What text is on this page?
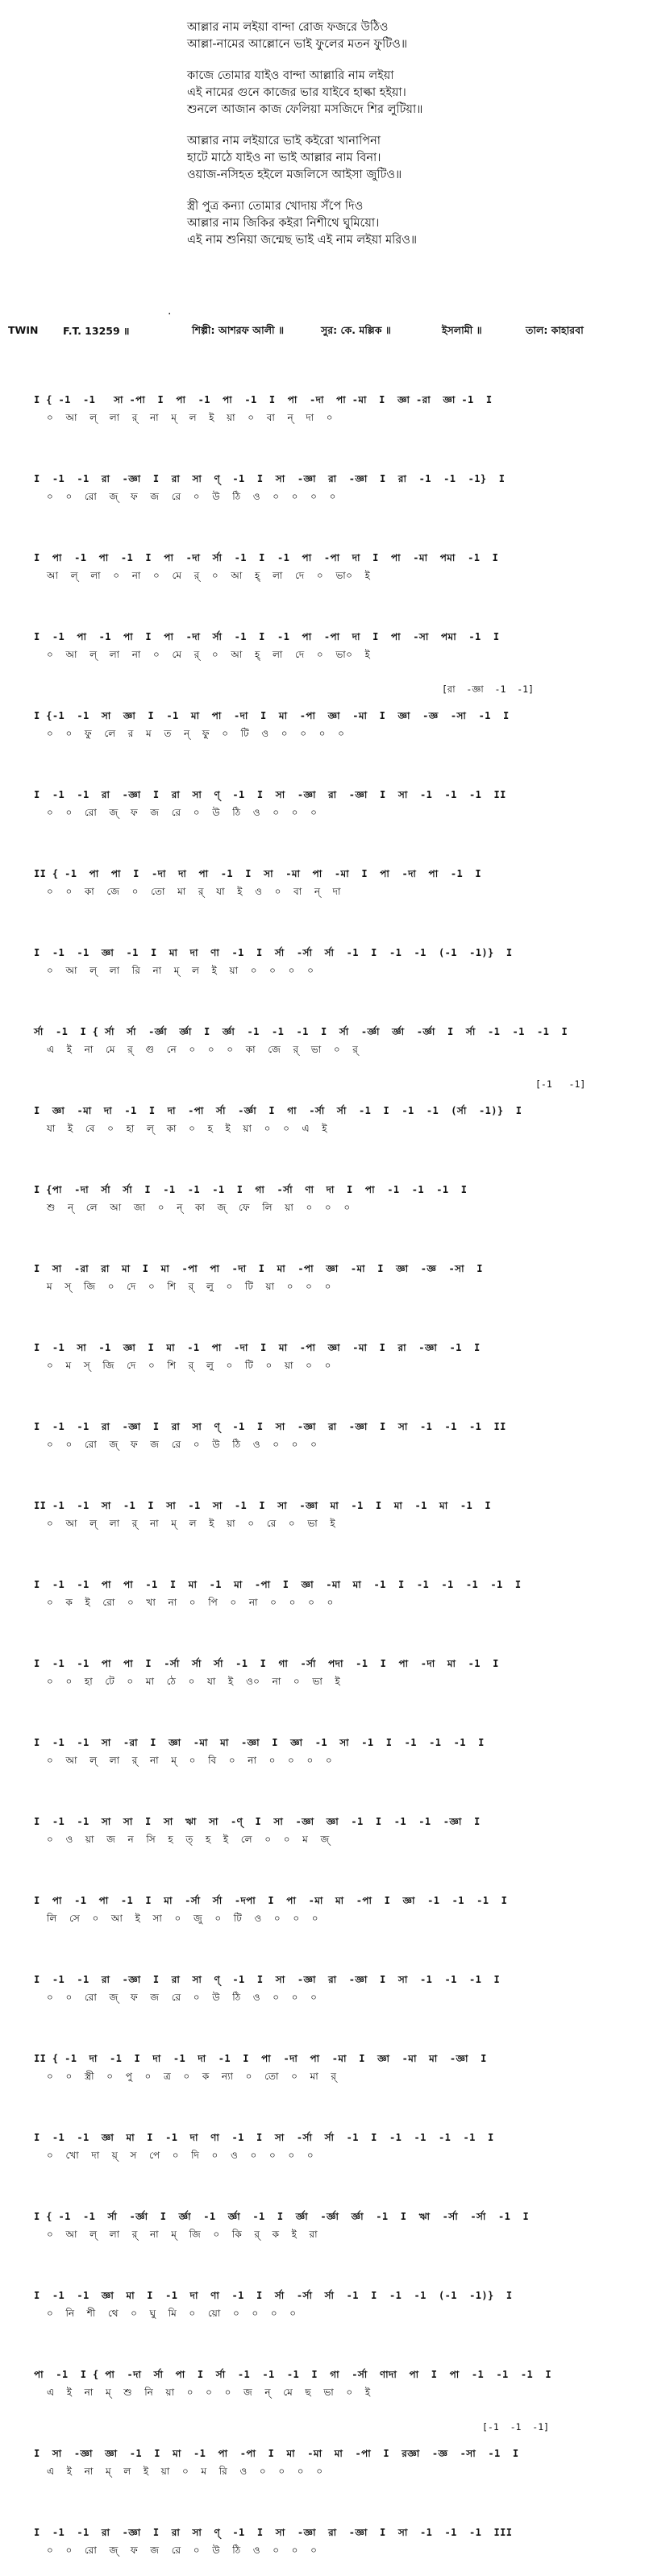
আল্লার নাম লইয়া বান্দা রোজ ফজরে উঠিও
আল্লা-নামের আল্লোনে ভাই ফুলের মতন ফুটিও॥
কাজে তোমার যাইও বান্দা আল্লারি নাম লইয়া
এই নামের গুনে কাজের ভার যাইবে হাল্কা হইয়া।
শুনলে আজান কাজ ফেলিয়া মসজিদে শির লুটিয়া॥
আল্লার নাম লইয়ারে ভাই কইরো খানাপিনা
হাটে মাঠে যাইও না ভাই আল্লার নাম বিনা।
ওয়াজ-নসিহত হইলে মজলিসে আইসা জুটিও॥
স্ত্রী পুত্র কন্যা তোমার খোদায় সঁপে দিও
আল্লার নাম জিকির কইরা নিশীথে ঘুমিয়ো।
এই নাম শুনিয়া জন্মেছ ভাই এই নাম লইয়া মরিও॥
·
TWIN F.T. 13259 ॥	শিল্পী: আশরফ আলী ॥	সুর: কে. মল্লিক ॥	ইসলামী ॥	তাল: কাহারবা
I { -1  -1   সা -পা  I  পা  -1  পা  -1  I  পা  -দা  পা -মা  I  জ্ঞা -রা  জ্ঞা -1  I
০  আ  ল্  লা  র্  না  ম্  ল  ই  য়া  ০  বা  ন্  দা  ০
I  -1  -1  রা  -জ্ঞা  I  রা  সা  ণ্  -1  I  সা  -জ্ঞা  রা  -জ্ঞা  I  রা  -1  -1  -1}  I
০  ০  রো  জ্  ফ  জ  রে  ০  উ  ঠি  ও  ০  ০  ০  ০
I  পা  -1  পা  -1  I  পা  -দা  র্সা  -1  I  -1  পা  -পা  দা  I  পা  -মা  পমা  -1  I
আ  ল্  লা  ০  না  ০  মে  র্  ০  আ  হ্  লা  দে  ০  ভা০  ই
I  -1  পা  -1  পা  I  পা  -দা  র্সা  -1  I  -1  পা  -পা  দা  I  পা  -সা  পমা  -1  I
০  আ  ল্  লা  না  ০  মে  র্  ০  আ  হ্  লা  দে  ০  ভা০  ই
[রা  -জ্ঞা  -1  -1]
I {-1  -1  সা  জ্ঞা  I  -1  মা  পা  -দা  I  মা  -পা  জ্ঞা  -মা  I  জ্ঞা  -জ্ঞ  -সা  -1  I
০  ০  ফু  লে  র  ম  ত  ন্  ফু  ০  টি  ও  ০  ০  ০  ০
I  -1  -1  রা  -জ্ঞা  I  রা  সা  ণ্  -1  I  সা  -জ্ঞা  রা  -জ্ঞা  I  সা  -1  -1  -1  II
০  ০  রো  জ্  ফ  জ  রে  ০  উ  ঠি  ও  ০  ০  ০
II { -1  পা  পা  I  -দা  দা  পা  -1  I  সা  -মা  পা  -মা  I  পা  -দা  পা  -1  I
০  ০  কা  জে  ০  তো  মা  র্  যা  ই  ও  ০  বা  ন্  দা
I  -1  -1  জ্ঞা  -1  I  মা  দা  ণা  -1  I  র্সা  -র্সা  র্সা  -1  I  -1  -1  (-1  -1)}  I
০  আ  ল্  লা  রি  না  ম্  ল  ই  য়া  ০  ০  ০  ০
র্সা  -1  I { র্সা  র্সা  -র্জ্ঞা  র্জ্ঞা  I  র্জ্ঞা  -1  -1  -1  I  র্সা  -র্জ্ঞা  র্জ্ঞা  -র্জ্ঞা  I  র্সা  -1  -1  -1  I
এ  ই  না  মে  র্  গু  নে  ০  ০  ০  কা  জে  র্  ভা  ০  র্
[-1   -1]
I  জ্ঞা  -মা  দা  -1  I  দা  -পা  র্সা  -র্জ্ঞা  I  গা  -র্সা  র্সা  -1  I  -1  -1  (র্সা  -1)}  I
যা  ই  বে  ০  হা  ল্  কা  ০  হ  ই  য়া  ০  ০  এ  ই
I {পা  -দা  র্সা  র্সা  I  -1  -1  -1  I  গা  -র্সা  ণা  দা  I  পা  -1  -1  -1  I
শু  ন্  লে  আ  জা  ০  ন্  কা  জ্  ফে  লি  য়া  ০  ০  ০
I  সা  -রা  রা  মা  I  মা  -পা  পা  -দা  I  মা  -পা  জ্ঞা  -মা  I  জ্ঞা  -জ্ঞ  -সা  I
ম  স্  জি  ০  দে  ০  শি  র্  লু  ০  টি  য়া  ০  ০  ০
I  -1  সা  -1  জ্ঞা  I  মা  -1  পা  -দা  I  মা  -পা  জ্ঞা  -মা  I  রা  -জ্ঞা  -1  I
০  ম  স্  জি  দে  ০  শি  র্  লু  ০  টি  ০  য়া  ০  ০
I  -1  -1  রা  -জ্ঞা  I  রা  সা  ণ্  -1  I  সা  -জ্ঞা  রা  -জ্ঞা  I  সা  -1  -1  -1  II
০  ০  রো  জ্  ফ  জ  রে  ০  উ  ঠি  ও  ০  ০  ০
II -1  -1  সা  -1  I  সা  -1  সা  -1  I  সা  -জ্ঞা  মা  -1  I  মা  -1  মা  -1  I
০  আ  ল্  লা  র্  না  ম্  ল  ই  য়া  ০  রে  ০  ভা  ই
I  -1  -1  পা  পা  -1  I  মা  -1  মা  -পা  I  জ্ঞা  -মা  মা  -1  I  -1  -1  -1  -1  I
০  ক  ই  রো  ০  খা  না  ০  পি  ০  না  ০  ০  ০  ০
I  -1  -1  পা  পা  I  -র্সা  র্সা  র্সা  -1  I  গা  -র্সা  পদা  -1  I  পা  -দা  মা  -1  I
০  ০  হা  টে  ০  মা  ঠে  ০  যা  ই  ও০  না  ০  ভা  ই
I  -1  -1  সা  -রা  I  জ্ঞা  -মা  মা  -জ্ঞা  I  জ্ঞা  -1  সা  -1  I  -1  -1  -1  I
০  আ  ল্  লা  র্  না  ম্  ০  বি  ০  না  ০  ০  ০  ০
I  -1  -1  সা  সা  I  সা  ঋা  সা  -ণ্  I  সা  -জ্ঞা  জ্ঞা  -1  I  -1  -1  -জ্ঞা  I
০  ও  য়া  জ  ন  সি  হ  ত্  হ  ই  লে  ০  ০  ম  জ্
I  পা  -1  পা  -1  I  মা  -র্সা  র্সা  -দপা  I  পা  -মা  মা  -পা  I  জ্ঞা  -1  -1  -1  I
লি  সে  ০  আ  ই  সা  ০  জু  ০  টি  ও  ০  ০  ০
I  -1  -1  রা  -জ্ঞা  I  রা  সা  ণ্  -1  I  সা  -জ্ঞা  রা  -জ্ঞা  I  সা  -1  -1  -1  I
০  ০  রো  জ্  ফ  জ  রে  ০  উ  ঠি  ও  ০  ০  ০
II { -1  দা  -1  I  দা  -1  দা  -1  I  পা  -দা  পা  -মা  I  জ্ঞা  -মা  মা  -জ্ঞা  I
০  ০  স্ত্রী  ০  পু  ০  ত্র  ০  ক  ন্যা  ০  তো  ০  মা  র্
I  -1  -1  জ্ঞা  মা  I  -1  দা  ণা  -1  I  সা  -র্সা  র্সা  -1  I  -1  -1  -1  -1  I
০  খো  দা  য়্  স  পে  ০  দি  ০  ও  ০  ০  ০  ০
I { -1  -1  র্সা  -র্জ্ঞা  I  র্জ্ঞা  -1  র্জ্ঞা  -1  I  র্জ্ঞা  -র্জ্ঞা  র্জ্ঞা  -1  I  ঋা  -র্সা  -র্সা  -1  I
০  আ  ল্  লা  র্  না  ম্  জি  ০  কি  র্  ক  ই  রা
I  -1  -1  জ্ঞা  মা  I  -1  দা  ণা  -1  I  র্সা  -র্সা  র্সা  -1  I  -1  -1  (-1  -1)}  I
০  নি  শী  থে  ০  ঘু  মি  ০  য়ো  ০  ০  ০  ০
পা  -1  I { পা  -দা  র্সা  পা  I  র্সা  -1  -1  -1  I  গা  -র্সা  ণাদা  পা  I  পা  -1  -1  -1  I
এ  ই  না  ম্  শু  নি  য়া  ০  ০  ০  জ  ন্  মে  ছ  ভা  ০  ই
[-1  -1  -1]
I  সা  -জ্ঞা  জ্ঞা  -1  I  মা  -1  পা  -পা  I  মা  -মা  মা  -পা  I  রজ্ঞা  -জ্ঞ  -সা  -1  I
এ  ই  না  ম্  ল  ই  য়া  ০  ম  রি  ও  ০  ০  ০  ০
I  -1  -1  রা  -জ্ঞা  I  রা  সা  ণ্  -1  I  সা  -জ্ঞা  রা  -জ্ঞা  I  সা  -1  -1  -1  III
০  ০  রো  জ্  ফ  জ  রে  ০  উ  ঠি  ও  ০  ০  ০
